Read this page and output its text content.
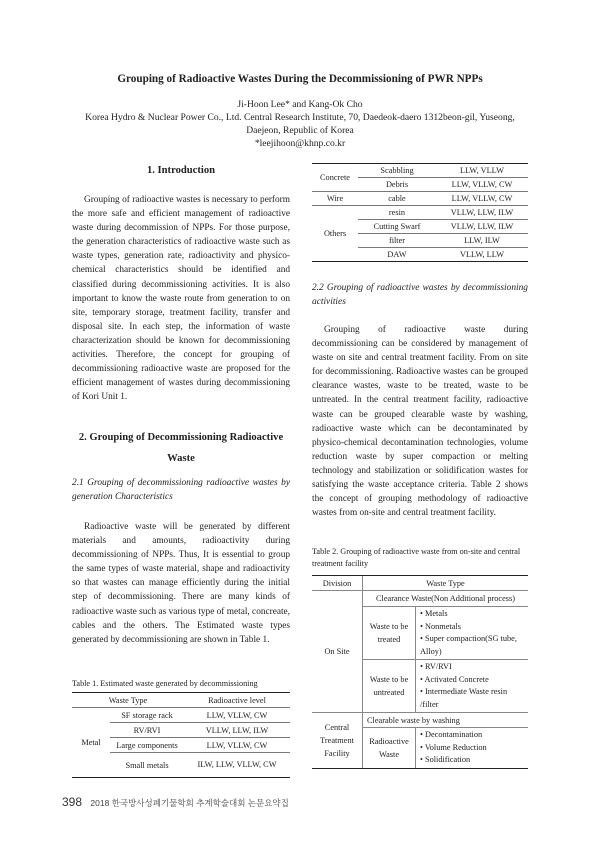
Grouping of Radioactive Wastes During the Decommissioning of PWR NPPs
Ji-Hoon Lee* and Kang-Ok Cho
Korea Hydro & Nuclear Power Co., Ltd. Central Research Institute, 70, Daedeok-daero 1312beon-gil, Yuseong,
Daejeon, Republic of Korea
*leejihoon@khnp.co.kr
1. Introduction

Grouping of radioactive wastes is necessary to perform the more safe and efficient management of radioactive waste during decommission of NPPs. For those purpose, the generation characteristics of radioactive waste such as waste types, generation rate, radioactivity and physico-chemical characteristics should be identified and classified during decommissioning activities. It is also important to know the waste route from generation to on site, temporary storage, treatment facility, transfer and disposal site. In each step, the information of waste characterization should be known for decommissioning activities. Therefore, the concept for grouping of decommissioning radioactive waste are proposed for the efficient management of wastes during decommissioning of Kori Unit 1.

2. Grouping of Decommissioning Radioactive
Waste
2.1 Grouping of decommissioning radioactive wastes by generation Characteristics

Radioactive waste will be generated by different materials and amounts, radioactivity during decommissioning of NPPs. Thus, It is essential to group the same types of waste material, shape and radioactivity so that wastes can manage efficiently during the initial step of decommissioning. There are many kinds of radioactive waste such as various type of metal, concreate, cables and the others. The Estimated waste types generated by decommissioning are shown in Table 1.

Table 1. Estimated waste generated by decommissioning
Waste Type		Radioactive level
Metal	SF storage rack	LLW, VLLW, CW
	RV/RVI	VLLW, LLW, ILW
	Large components	LLW, VLLW, CW
	Small metals	ILW, LLW, VLLW, CW
Concrete	Scabbling	LLW, VLLW
	Debris	LLW, VLLW, CW
Wire	cable	LLW, VLLW, CW
Others	resin	VLLW, LLW, ILW
	Cutting Swarf	VLLW, LLW, ILW
	filter	LLW, ILW
	DAW	VLLW, LLW
2.2 Grouping of radioactive wastes by decommissioning activities

Grouping of radioactive waste during decommissioning can be considered by management of waste on site and central treatment facility. From on site for decommissioning. Radioactive wastes can be grouped clearance wastes, waste to be treated, waste to be untreated. In the central treatment facility, radioactive waste can be grouped clearable waste by washing, radioactive waste which can be decontaminated by physico-chemical decontamination technologies, volume reduction waste by super compaction or melting technology and stabilization or solidification wastes for satisfying the waste acceptance criteria. Table 2 shows the concept of grouping methodology of radioactive wastes from on-site and central treatment facility.

Table 2. Grouping of radioactive waste from on-site and central treatment facility
Division	Waste Type	
On Site	Clearance Waste(Non Additional process)	
	Waste to be treated	• Metals
• Nonmetals
• Super compaction(SG tube, Alloy)

	Waste to be untreated	• RV/RVI
• Activated Concrete
• Intermediate Waste resin /filter

Central Treatment Facility	Clearable waste by washing	
	Radioactive Waste	• Decontamination
• Volume Reduction
• Solidification
398 2018 한국방사성폐기물학회 추계학술대회 논문요약집
